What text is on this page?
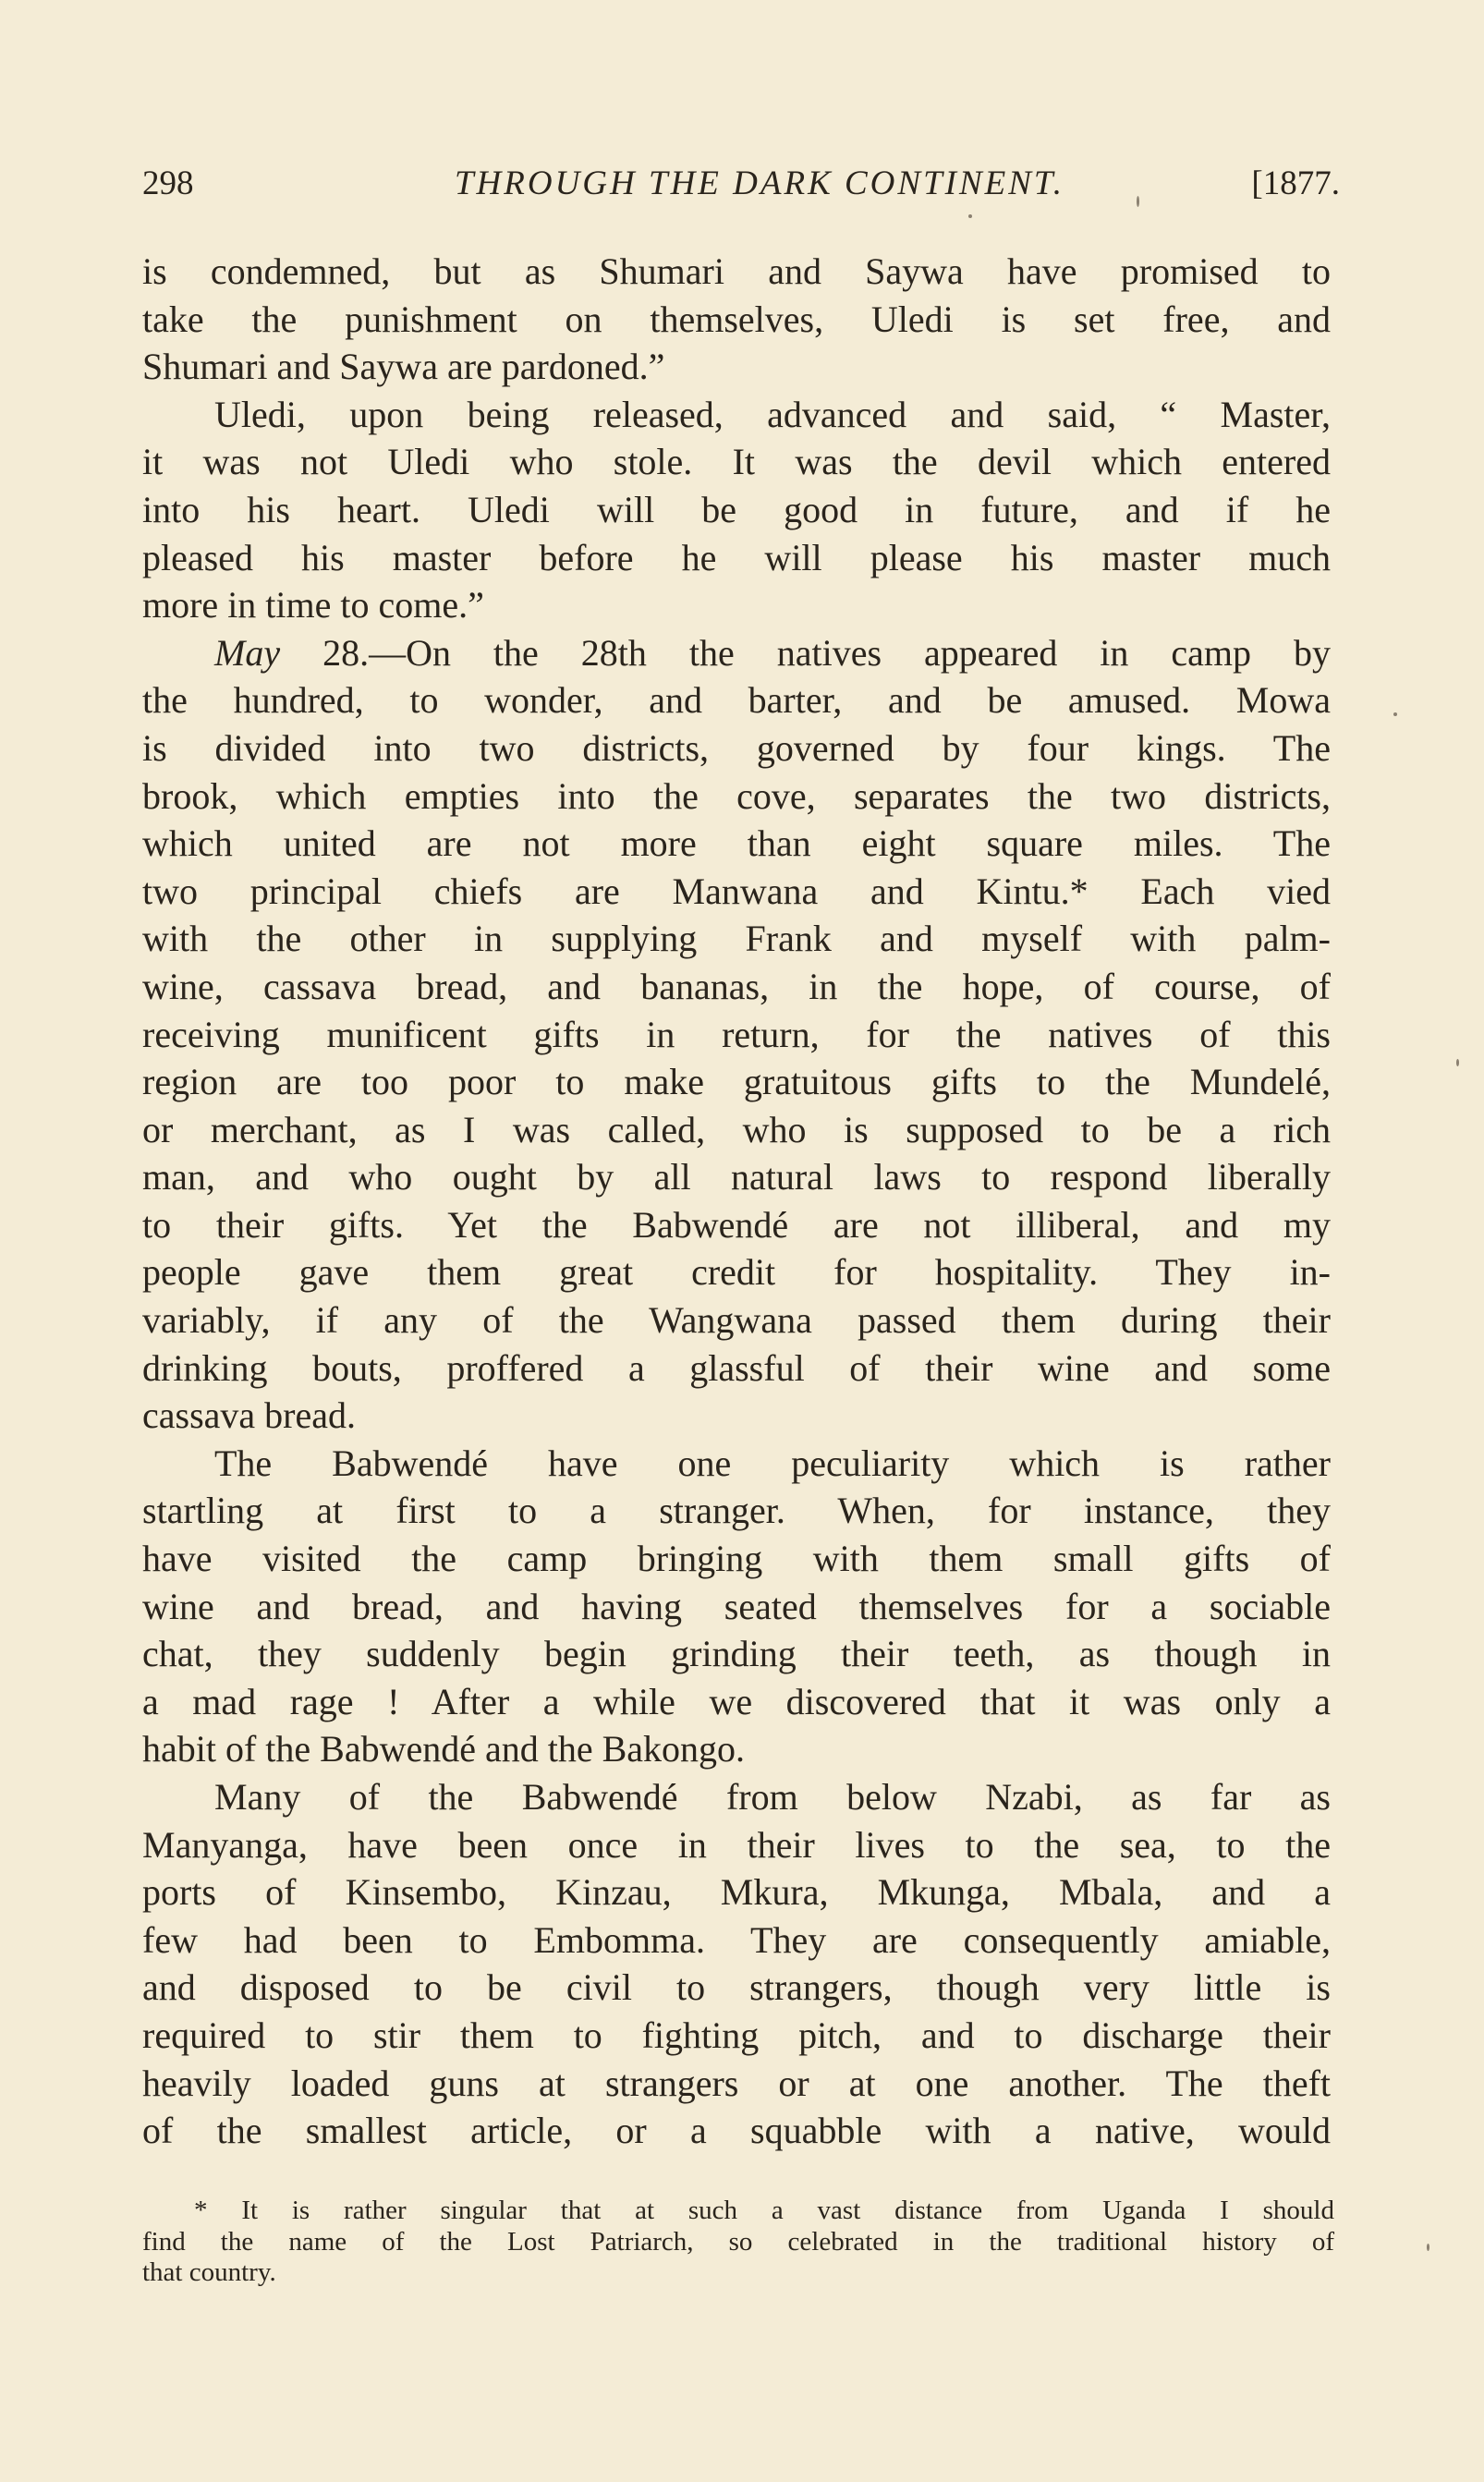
298	THROUGH THE DARK CONTINENT.	[1877.
is condemned, but as Shumari and Saywa have promised to
take the punishment on themselves, Uledi is set free, and
Shumari and Saywa are pardoned.”
Uledi, upon being released, advanced and said, “ Master,
it was not Uledi who stole. It was the devil which entered
into his heart. Uledi will be good in future, and if he
pleased his master before he will please his master much
more in time to come.”
May 28.—On the 28th the natives appeared in camp by
the hundred, to wonder, and barter, and be amused. Mowa
is divided into two districts, governed by four kings. The
brook, which empties into the cove, separates the two districts,
which united are not more than eight square miles. The
two principal chiefs are Manwana and Kintu.* Each vied
with the other in supplying Frank and myself with palm-
wine, cassava bread, and bananas, in the hope, of course, of
receiving munificent gifts in return, for the natives of this
region are too poor to make gratuitous gifts to the Mundelé,
or merchant, as I was called, who is supposed to be a rich
man, and who ought by all natural laws to respond liberally
to their gifts. Yet the Babwendé are not illiberal, and my
people gave them great credit for hospitality. They in-
variably, if any of the Wangwana passed them during their
drinking bouts, proffered a glassful of their wine and some
cassava bread.
The Babwendé have one peculiarity which is rather
startling at first to a stranger. When, for instance, they
have visited the camp bringing with them small gifts of
wine and bread, and having seated themselves for a sociable
chat, they suddenly begin grinding their teeth, as though in
a mad rage ! After a while we discovered that it was only a
habit of the Babwendé and the Bakongo.
Many of the Babwendé from below Nzabi, as far as
Manyanga, have been once in their lives to the sea, to the
ports of Kinsembo, Kinzau, Mkura, Mkunga, Mbala, and a
few had been to Embomma. They are consequently amiable,
and disposed to be civil to strangers, though very little is
required to stir them to fighting pitch, and to discharge their
heavily loaded guns at strangers or at one another. The theft
of the smallest article, or a squabble with a native, would
* It is rather singular that at such a vast distance from Uganda I should
find the name of the Lost Patriarch, so celebrated in the traditional history of
that country.
